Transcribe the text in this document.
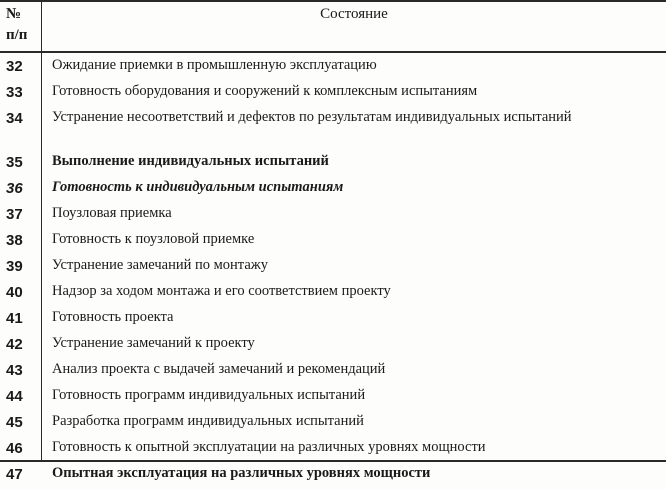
№
п/п
Состояние
32	Ожидание приемки в промышленную эксплуатацию
33	Готовность оборудования и сооружений к комплексным испытаниям
34	Устранение несоответствий и дефектов по результатам индивидуальных испытаний
35	Выполнение индивидуальных испытаний
36	Готовность к индивидуальным испытаниям
37	Поузловая приемка
38	Готовность к поузловой приемке
39	Устранение замечаний по монтажу
40	Надзор за ходом монтажа и его соответствием проекту
41	Готовность проекта
42	Устранение замечаний к проекту
43	Анализ проекта с выдачей замечаний и рекомендаций
44	Готовность программ индивидуальных испытаний
45	Разработка программ индивидуальных испытаний
46	Готовность к опытной эксплуатации на различных уровнях мощности
47	Опытная эксплуатация на различных уровнях мощности
